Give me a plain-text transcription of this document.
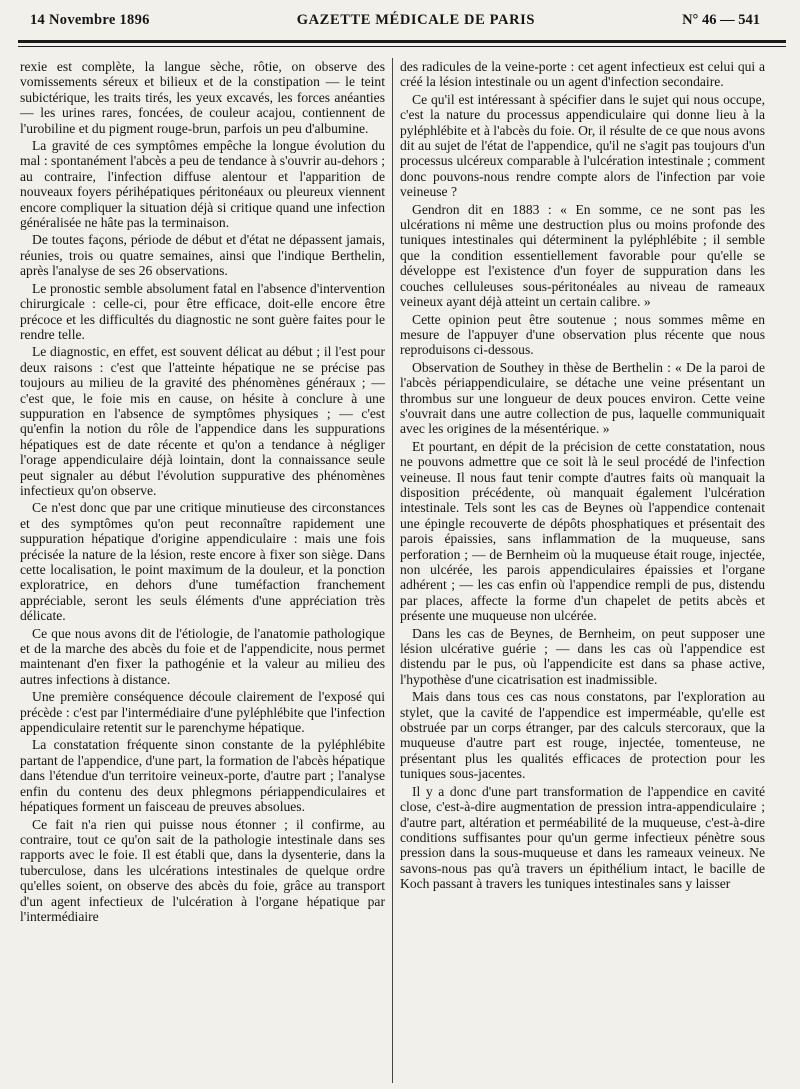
14 Novembre 1896	GAZETTE MÉDICALE DE PARIS	N° 46 — 541

rexie est complète, la langue sèche, rôtie, on observe des vomissements séreux et bilieux et de la constipation — le teint subictérique, les traits tirés, les yeux excavés, les forces anéanties — les urines rares, foncées, de couleur acajou, contiennent de l'urobiline et du pigment rouge-brun, parfois un peu d'albumine.

La gravité de ces symptômes empêche la longue évolution du mal : spontanément l'abcès a peu de tendance à s'ouvrir au-dehors ; au contraire, l'infection diffuse alentour et l'apparition de nouveaux foyers périhépatiques péritonéaux ou pleureux viennent encore compliquer la situation déjà si critique quand une infection généralisée ne hâte pas la terminaison.

De toutes façons, période de début et d'état ne dépassent jamais, réunies, trois ou quatre semaines, ainsi que l'indique Berthelin, après l'analyse de ses 26 observations.

Le pronostic semble absolument fatal en l'absence d'intervention chirurgicale : celle-ci, pour être efficace, doit-elle encore être précoce et les difficultés du diagnostic ne sont guère faites pour le rendre telle.

Le diagnostic, en effet, est souvent délicat au début ; il l'est pour deux raisons : c'est que l'atteinte hépatique ne se précise pas toujours au milieu de la gravité des phénomènes généraux ; — c'est que, le foie mis en cause, on hésite à conclure à une suppuration en l'absence de symptômes physiques ; — c'est qu'enfin la notion du rôle de l'appendice dans les suppurations hépatiques est de date récente et qu'on a tendance à négliger l'orage appendiculaire déjà lointain, dont la connaissance seule peut signaler au début l'évolution suppurative des phénomènes infectieux qu'on observe.

Ce n'est donc que par une critique minutieuse des circonstances et des symptômes qu'on peut reconnaître rapidement une suppuration hépatique d'origine appendiculaire : mais une fois précisée la nature de la lésion, reste encore à fixer son siège. Dans cette localisation, le point maximum de la douleur, et la ponction exploratrice, en dehors d'une tuméfaction franchement appréciable, seront les seuls éléments d'une appréciation très délicate.

Ce que nous avons dit de l'étiologie, de l'anatomie pathologique et de la marche des abcès du foie et de l'appendicite, nous permet maintenant d'en fixer la pathogénie et la valeur au milieu des autres infections à distance.

Une première conséquence découle clairement de l'exposé qui précède : c'est par l'intermédiaire d'une pyléphlébite que l'infection appendiculaire retentit sur le parenchyme hépatique.

La constatation fréquente sinon constante de la pyléphlébite partant de l'appendice, d'une part, la formation de l'abcès hépatique dans l'étendue d'un territoire veineux-porte, d'autre part ; l'analyse enfin du contenu des deux phlegmons périappendiculaires et hépatiques forment un faisceau de preuves absolues.

Ce fait n'a rien qui puisse nous étonner ; il confirme, au contraire, tout ce qu'on sait de la pathologie intestinale dans ses rapports avec le foie. Il est établi que, dans la dysenterie, dans la tuberculose, dans les ulcérations intestinales de quelque ordre qu'elles soient, on observe des abcès du foie, grâce au transport d'un agent infectieux de l'ulcération à l'organe hépatique par l'intermédiaire

des radicules de la veine-porte : cet agent infectieux est celui qui a créé la lésion intestinale ou un agent d'infection secondaire.

Ce qu'il est intéressant à spécifier dans le sujet qui nous occupe, c'est la nature du processus appendiculaire qui donne lieu à la pyléphlébite et à l'abcès du foie. Or, il résulte de ce que nous avons dit au sujet de l'état de l'appendice, qu'il ne s'agit pas toujours d'un processus ulcéreux comparable à l'ulcération intestinale ; comment donc pouvons-nous rendre compte alors de l'infection par voie veineuse ?

Gendron dit en 1883 : « En somme, ce ne sont pas les ulcérations ni même une destruction plus ou moins profonde des tuniques intestinales qui déterminent la pyléphlébite ; il semble que la condition essentiellement favorable pour qu'elle se développe est l'existence d'un foyer de suppuration dans les couches celluleuses sous-péritonéales au niveau de rameaux veineux ayant déjà atteint un certain calibre. »

Cette opinion peut être soutenue ; nous sommes même en mesure de l'appuyer d'une observation plus récente que nous reproduisons ci-dessous.

Observation de Southey in thèse de Berthelin : « De la paroi de l'abcès périappendiculaire, se détache une veine présentant un thrombus sur une longueur de deux pouces environ. Cette veine s'ouvrait dans une autre collection de pus, laquelle communiquait avec les origines de la mésentérique. »

Et pourtant, en dépit de la précision de cette constatation, nous ne pouvons admettre que ce soit là le seul procédé de l'infection veineuse. Il nous faut tenir compte d'autres faits où manquait la disposition précédente, où manquait également l'ulcération intestinale. Tels sont les cas de Beynes où l'appendice contenait une épingle recouverte de dépôts phosphatiques et présentait des parois épaissies, sans inflammation de la muqueuse, sans perforation ; — de Bernheim où la muqueuse était rouge, injectée, non ulcérée, les parois appendiculaires épaissies et l'organe adhérent ; — les cas enfin où l'appendice rempli de pus, distendu par places, affecte la forme d'un chapelet de petits abcès et présente une muqueuse non ulcérée.

Dans les cas de Beynes, de Bernheim, on peut supposer une lésion ulcérative guérie ; — dans les cas où l'appendice est distendu par le pus, où l'appendicite est dans sa phase active, l'hypothèse d'une cicatrisation est inadmissible.

Mais dans tous ces cas nous constatons, par l'exploration au stylet, que la cavité de l'appendice est imperméable, qu'elle est obstruée par un corps étranger, par des calculs stercoraux, que la muqueuse d'autre part est rouge, injectée, tomenteuse, ne présentant plus les qualités efficaces de protection pour les tuniques sous-jacentes.

Il y a donc d'une part transformation de l'appendice en cavité close, c'est-à-dire augmentation de pression intra-appendiculaire ; d'autre part, altération et perméabilité de la muqueuse, c'est-à-dire conditions suffisantes pour qu'un germe infectieux pénètre sous pression dans la sous-muqueuse et dans les rameaux veineux. Ne savons-nous pas qu'à travers un épithélium intact, le bacille de Koch passant à travers les tuniques intestinales sans y laisser
